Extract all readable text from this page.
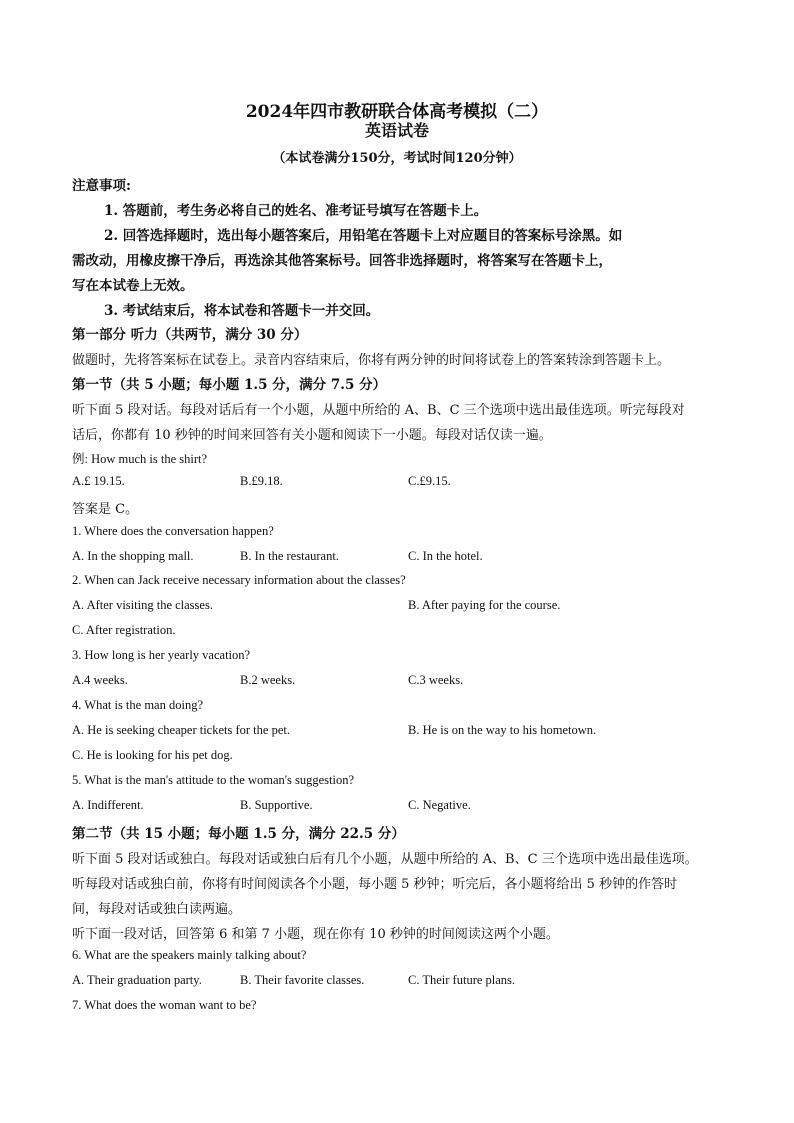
2024年四市教研联合体高考模拟（二）
英语试卷
（本试卷满分150分，考试时间120分钟）
注意事项:
1. 答题前，考生务必将自己的姓名、准考证号填写在答题卡上。
2. 回答选择题时，选出每小题答案后，用铅笔在答题卡上对应题目的答案标号涂黑。如
需改动，用橡皮擦干净后，再选涂其他答案标号。回答非选择题时，将答案写在答题卡上，
写在本试卷上无效。
3. 考试结束后，将本试卷和答题卡一并交回。
第一部分 听力（共两节，满分 30 分）
做题时，先将答案标在试卷上。录音内容结束后，你将有两分钟的时间将试卷上的答案转涂到答题卡上。
第一节（共 5 小题；每小题 1.5 分，满分 7.5 分）
听下面 5 段对话。每段对话后有一个小题，从题中所给的 A、B、C 三个选项中选出最佳选项。听完每段对
话后，你都有 10 秒钟的时间来回答有关小题和阅读下一小题。每段对话仅读一遍。
例: How much is the shirt?
A.£ 19.15.	B.£9.18.	C.£9.15.
答案是 C。
1. Where does the conversation happen?
A. In the shopping mall.	B. In the restaurant.	C. In the hotel.
2. When can Jack receive necessary information about the classes?
A. After visiting the classes.	B. After paying for the course.
C. After registration.
3. How long is her yearly vacation?
A.4 weeks.	B.2 weeks.	C.3 weeks.
4. What is the man doing?
A. He is seeking cheaper tickets for the pet.	B. He is on the way to his hometown.
C. He is looking for his pet dog.
5. What is the man's attitude to the woman's suggestion?
A. Indifferent.	B. Supportive.	C. Negative.
第二节（共 15 小题；每小题 1.5 分，满分 22.5 分）
听下面 5 段对话或独白。每段对话或独白后有几个小题，从题中所给的 A、B、C 三个选项中选出最佳选项。
听每段对话或独白前，你将有时间阅读各个小题，每小题 5 秒钟；听完后，各小题将给出 5 秒钟的作答时
间，每段对话或独白读两遍。
听下面一段对话，回答第 6 和第 7 小题，现在你有 10 秒钟的时间阅读这两个小题。
6. What are the speakers mainly talking about?
A. Their graduation party.	B. Their favorite classes.	C. Their future plans.
7. What does the woman want to be?
